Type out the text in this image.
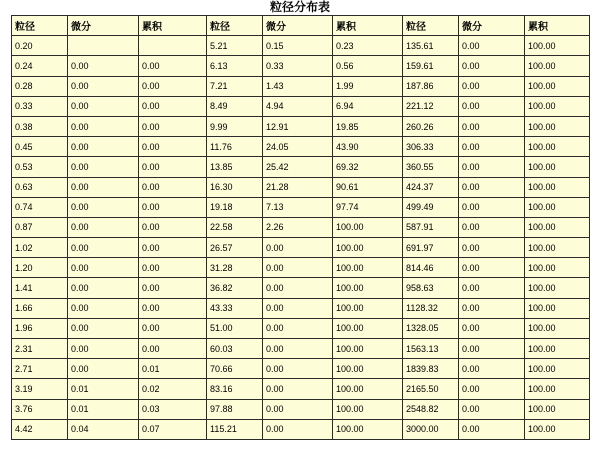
粒径分布表
粒径	微分	累积	粒径	微分	累积	粒径	微分	累积
0.20			5.21	0.15	0.23	135.61	0.00	100.00
0.24	0.00	0.00	6.13	0.33	0.56	159.61	0.00	100.00
0.28	0.00	0.00	7.21	1.43	1.99	187.86	0.00	100.00
0.33	0.00	0.00	8.49	4.94	6.94	221.12	0.00	100.00
0.38	0.00	0.00	9.99	12.91	19.85	260.26	0.00	100.00
0.45	0.00	0.00	11.76	24.05	43.90	306.33	0.00	100.00
0.53	0.00	0.00	13.85	25.42	69.32	360.55	0.00	100.00
0.63	0.00	0.00	16.30	21.28	90.61	424.37	0.00	100.00
0.74	0.00	0.00	19.18	7.13	97.74	499.49	0.00	100.00
0.87	0.00	0.00	22.58	2.26	100.00	587.91	0.00	100.00
1.02	0.00	0.00	26.57	0.00	100.00	691.97	0.00	100.00
1.20	0.00	0.00	31.28	0.00	100.00	814.46	0.00	100.00
1.41	0.00	0.00	36.82	0.00	100.00	958.63	0.00	100.00
1.66	0.00	0.00	43.33	0.00	100.00	1128.32	0.00	100.00
1.96	0.00	0.00	51.00	0.00	100.00	1328.05	0.00	100.00
2.31	0.00	0.00	60.03	0.00	100.00	1563.13	0.00	100.00
2.71	0.00	0.01	70.66	0.00	100.00	1839.83	0.00	100.00
3.19	0.01	0.02	83.16	0.00	100.00	2165.50	0.00	100.00
3.76	0.01	0.03	97.88	0.00	100.00	2548.82	0.00	100.00
4.42	0.04	0.07	115.21	0.00	100.00	3000.00	0.00	100.00
